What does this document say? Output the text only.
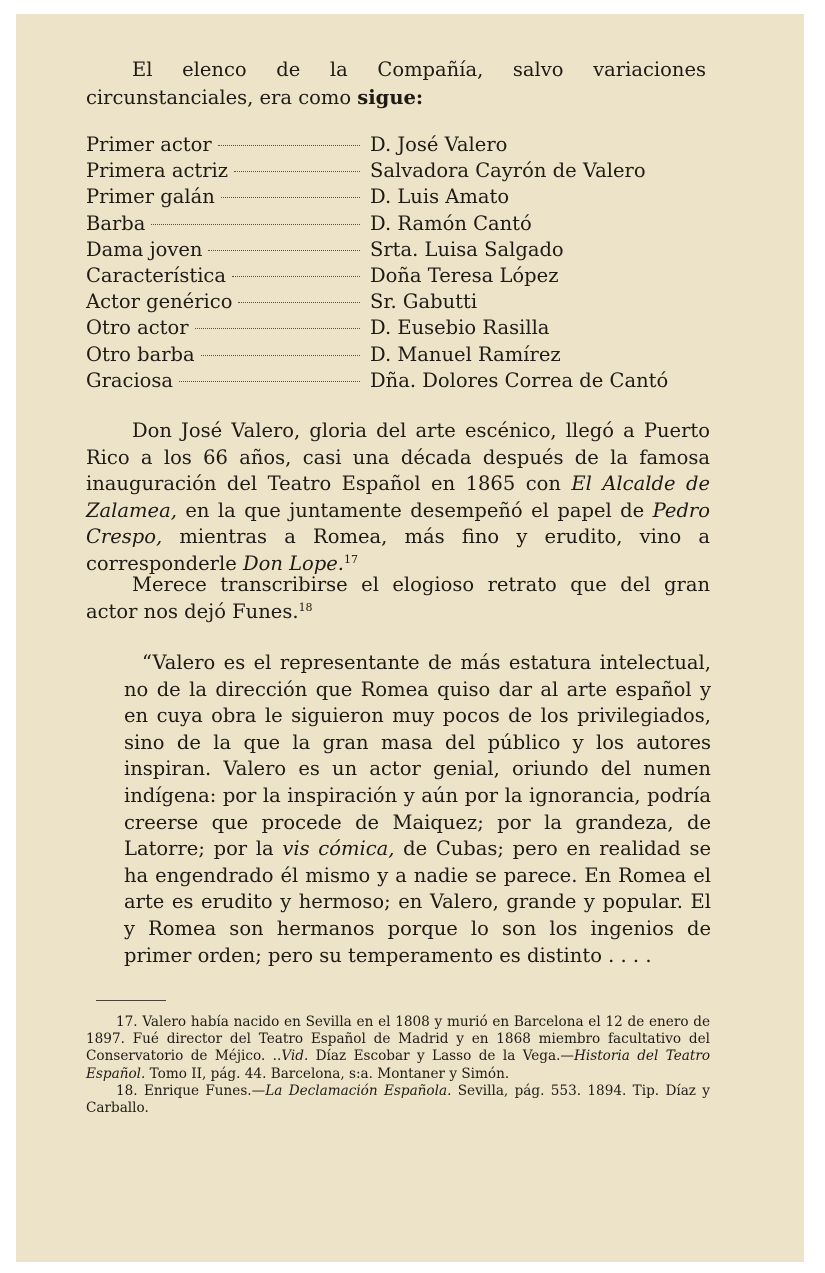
El elenco de la Compañía, salvo variaciones circunstanciales, era como sigue:

Primer actor	D. José Valero
Primera actriz	Salvadora Cayrón de Valero
Primer galán	D. Luis Amato
Barba	D. Ramón Cantó
Dama joven	Srta. Luisa Salgado
Característica	Doña Teresa López
Actor genérico	Sr. Gabutti
Otro actor	D. Eusebio Rasilla
Otro barba	D. Manuel Ramírez
Graciosa	Dña. Dolores Correa de Cantó

Don José Valero, gloria del arte escénico, llegó a Puerto Rico a los 66 años, casi una década después de la famosa inauguración del Teatro Español en 1865 con El Alcalde de Zalamea, en la que juntamente desempeñó el papel de Pedro Crespo, mientras a Romea, más fino y erudito, vino a corresponderle Don Lope.$^{17}$

Merece transcribirse el elogioso retrato que del gran actor nos dejó Funes.$^{18}$

“Valero es el representante de más estatura intelectual, no de la dirección que Romea quiso dar al arte español y en cuya obra le siguieron muy pocos de los privilegiados, sino de la que la gran masa del público y los autores inspiran. Valero es un actor genial, oriundo del numen indígena: por la inspiración y aún por la ignorancia, podría creerse que procede de Maiquez; por la grandeza, de Latorre; por la vis cómica, de Cubas; pero en realidad se ha engendrado él mismo y a nadie se parece. En Romea el arte es erudito y hermoso; en Valero, grande y popular. El y Romea son hermanos porque lo son los ingenios de primer orden; pero su temperamento es distinto . . . .

17. Valero había nacido en Sevilla en el 1808 y murió en Barcelona el 12 de enero de 1897. Fué director del Teatro Español de Madrid y en 1868 miembro facultativo del Conservatorio de Méjico. ..Vid. Díaz Escobar y Lasso de la Vega.—Historia del Teatro Español. Tomo II, pág. 44. Barcelona, s:a. Montaner y Simón.

18. Enrique Funes.—La Declamación Española. Sevilla, pág. 553. 1894. Tip. Díaz y Carballo.
